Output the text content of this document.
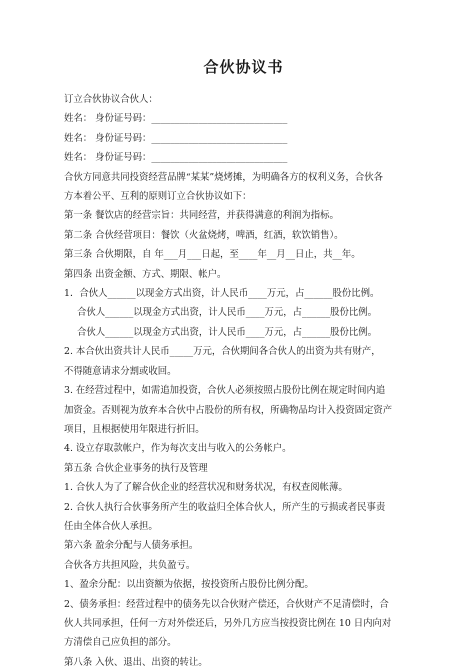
合伙协议书
订立合伙协议合伙人：
姓名： 身份证号码：_____________________________
姓名： 身份证号码：_____________________________
姓名： 身份证号码：_____________________________
合伙方同意共同投资经营品牌“某某”烧烤摊，为明确各方的权利义务，合伙各
方本着公平、互利的原则订立合伙协议如下：
第一条 餐饮店的经营宗旨：共同经营，并获得满意的利润为指标。
第二条 合伙经营项目：餐饮（火盆烧烤，啤酒，红酒，软饮销售）。
第三条 合伙期限，自 年___月___日起，至____年__月__日止，共__年。
第四条 出资金额、方式、期限、帐户。
1．合伙人______以现金方式出资，计人民币____万元，占______股份比例。
合伙人______以现金方式出资，计人民币____万元，占______股份比例。
合伙人______以现金方式出资，计人民币____万元，占______股份比例。
2. 本合伙出资共计人民币_____万元，合伙期间各合伙人的出资为共有财产，
不得随意请求分割或收回。
3. 在经营过程中，如需追加投资，合伙人必须按照占股份比例在规定时间内追
加资金。否则视为放弃本合伙中占股份的所有权，所确物品均计入投资固定资产
项目，且根据使用年限进行折旧。
4. 设立存取款帐户，作为每次支出与收入的公务帐户。
第五条 合伙企业事务的执行及管理
1. 合伙人为了了解合伙企业的经营状况和财务状况，有权查阅帐薄。
2. 合伙人执行合伙事务所产生的收益归全体合伙人，所产生的亏损或者民事责
任由全体合伙人承担。
第六条 盈余分配与人债务承担。
合伙各方共担风险，共负盈亏。
1、盈余分配：以出资额为依据，按投资所占股份比例分配。
2、债务承担：经营过程中的债务先以合伙财产偿还，合伙财产不足清偿时，合
伙人共同承担，任何一方对外偿还后，另外几方应当按投资比例在 10 日内向对
方清偿自己应负担的部分。
第八条 入伙、退出、出资的转让。
